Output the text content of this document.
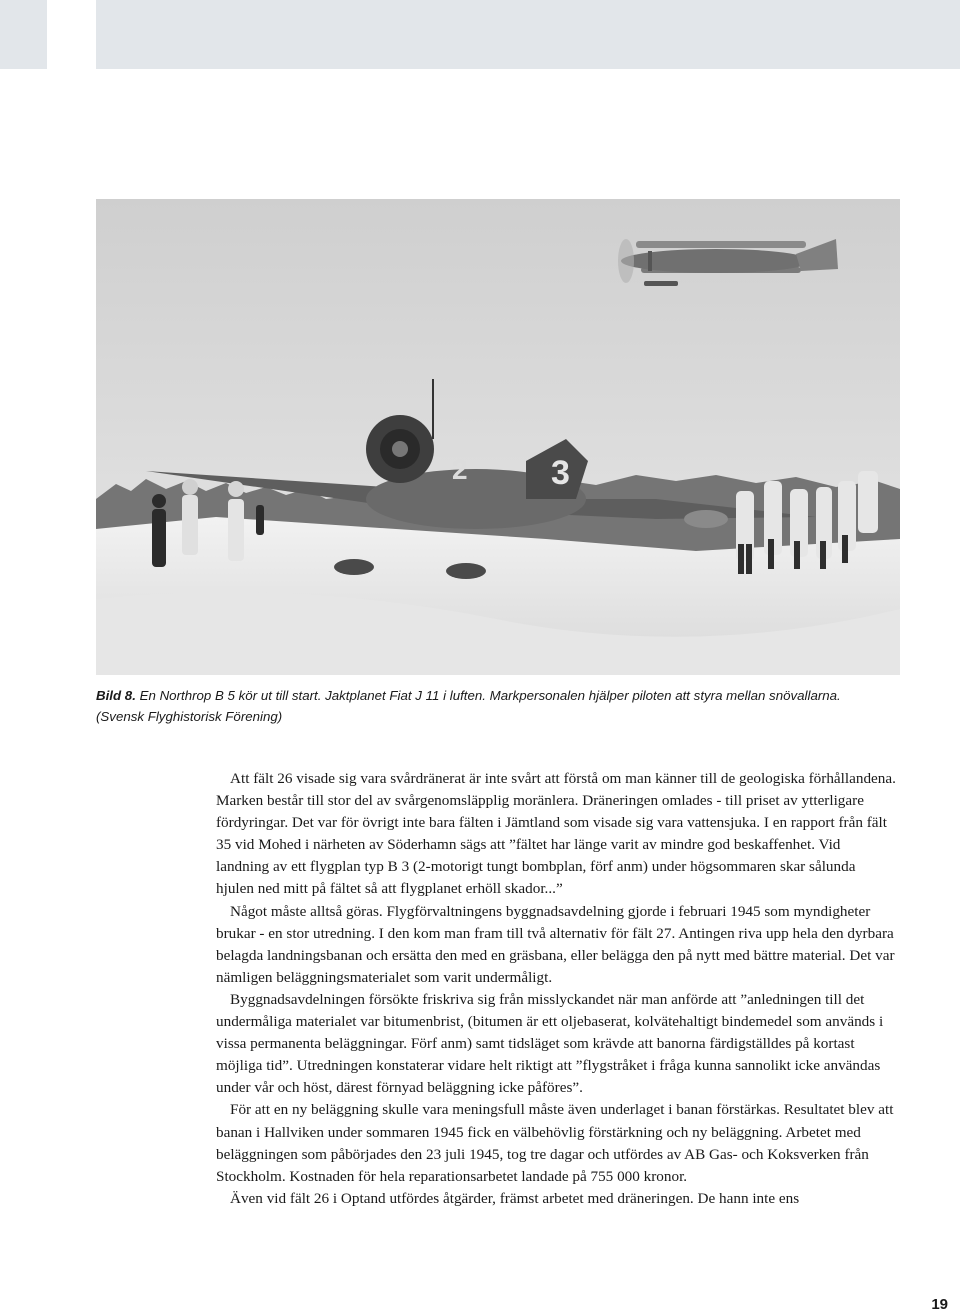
3
2
Bild 8. En Northrop B 5 kör ut till start. Jaktplanet Fiat J 11 i luften. Markpersonalen hjälper piloten att styra mellan snövallarna. (Svensk Flyghistorisk Förening)

Att fält 26 visade sig vara svårdränerat är inte svårt att förstå om man känner till de geologiska förhållandena. Marken består till stor del av svårgenomsläpplig moränlera. Dräneringen omlades - till priset av ytterligare fördyringar. Det var för övrigt inte bara fälten i Jämtland som visade sig vara vattensjuka. I en rapport från fält 35 vid Mohed i närheten av Söderhamn sägs att ”fältet har länge varit av mindre god beskaffenhet. Vid landning av ett flygplan typ B 3 (2-motorigt tungt bombplan, förf anm) under högsommaren skar sålunda hjulen ned mitt på fältet så att flygplanet erhöll skador...”

Något måste alltså göras. Flygförvaltningens byggnadsavdelning gjorde i februari 1945 som myndigheter brukar - en stor utredning. I den kom man fram till två alternativ för fält 27. Antingen riva upp hela den dyrbara belagda landningsbanan och ersätta den med en gräsbana, eller belägga den på nytt med bättre material. Det var nämligen beläggningsmaterialet som varit undermåligt.

Byggnadsavdelningen försökte friskriva sig från misslyckandet när man anförde att ”anledningen till det undermåliga materialet var bitumenbrist, (bitumen är ett oljebaserat, kolvätehaltigt bindemedel som används i vissa permanenta beläggningar. Förf anm) samt tidsläget som krävde att banorna färdigställdes på kortast möjliga tid”. Utredningen konstaterar vidare helt riktigt att ”flygstråket i fråga kunna sannolikt icke användas under vår och höst, därest förnyad beläggning icke påföres”.

För att en ny beläggning skulle vara meningsfull måste även underlaget i banan förstärkas. Resultatet blev att banan i Hallviken under sommaren 1945 fick en välbehövlig förstärkning och ny beläggning. Arbetet med beläggningen som påbörjades den 23 juli 1945, tog tre dagar och utfördes av AB Gas- och Koksverken från Stockholm. Kostnaden för hela reparationsarbetet landade på 755 000 kronor.

Även vid fält 26 i Optand utfördes åtgärder, främst arbetet med dräneringen. De hann inte ens

19
